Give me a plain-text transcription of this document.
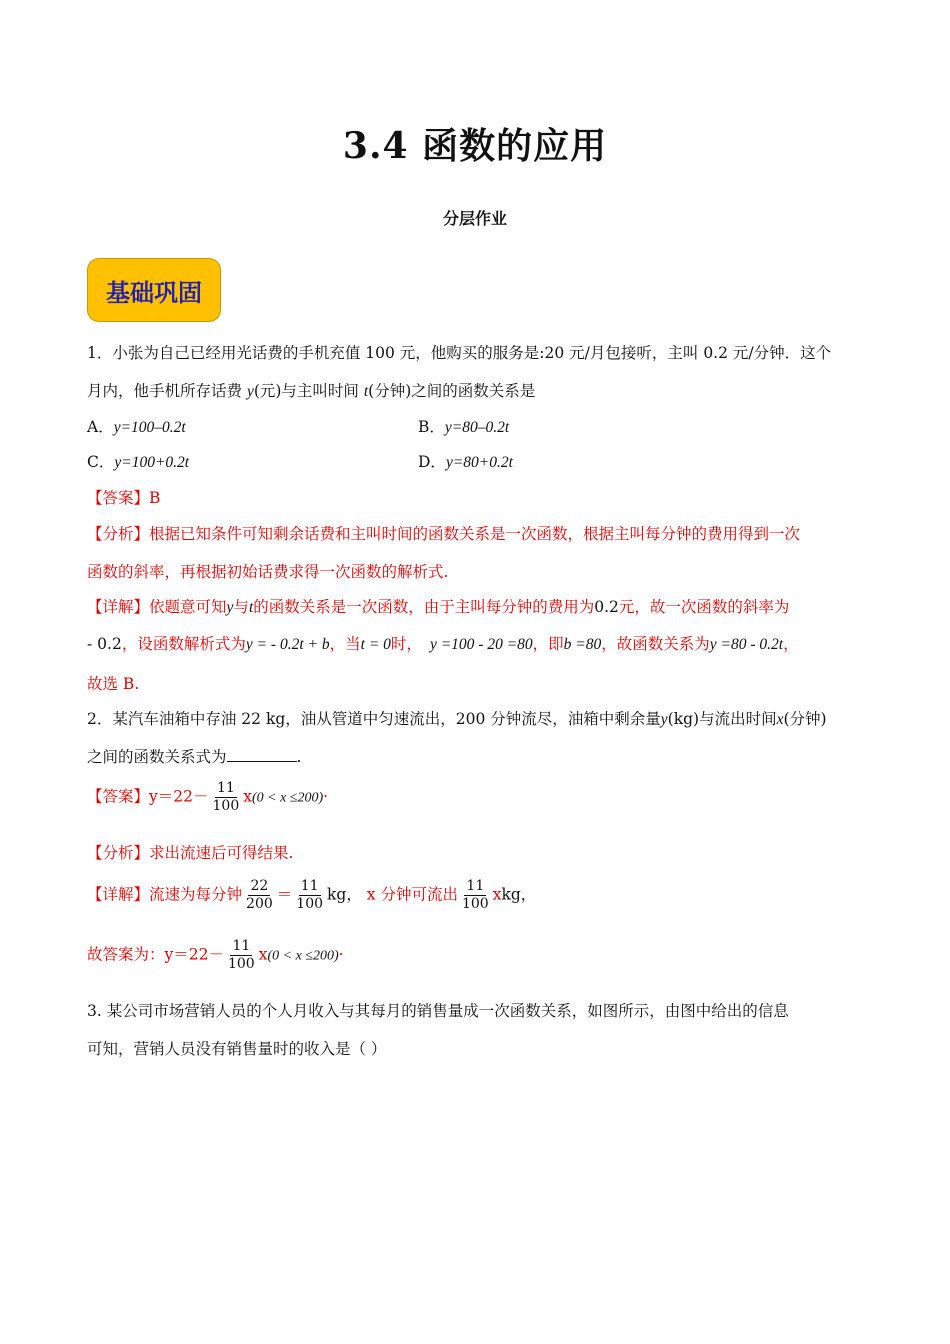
3.4 函数的应用
分层作业
基础巩固
1．小张为自己已经用光话费的手机充值 100 元，他购买的服务是:20 元/月包接听，主叫 0.2 元/分钟．这个
月内，他手机所存话费 y(元)与主叫时间 t(分钟)之间的函数关系是
A．y=100–0.2t	B．y=80–0.2t
C．y=100+0.2t	D．y=80+0.2t
【答案】B
【分析】根据已知条件可知剩余话费和主叫时间的函数关系是一次函数，根据主叫每分钟的费用得到一次
函数的斜率，再根据初始话费求得一次函数的解析式.
【详解】依题意可知y与t的函数关系是一次函数，由于主叫每分钟的费用为0.2元，故一次函数的斜率为
- 0.2，设函数解析式为y = - 0.2t + b，当t = 0时， y =100 - 20 =80，即b =80，故函数关系为y =80 - 0.2t，
故选 B.
2．某汽车油箱中存油 22 kg，油从管道中匀速流出，200 分钟流尽，油箱中剩余量y(kg)与流出时间x(分钟)
之间的函数关系式为	.
【答案】$y=22- \frac{11}{100} x(0 < x \le 200)\cdot$
【分析】求出流速后可得结果.
【详解】流速为每分钟 $\frac{22}{200} = \frac{11}{100}$ kg， x 分钟可流出 $\frac{11}{100}$ xkg，
故答案为：$y=22- \frac{11}{100} x(0 < x \le 200)\cdot$
3. 某公司市场营销人员的个人月收入与其每月的销售量成一次函数关系，如图所示，由图中给出的信息
可知，营销人员没有销售量时的收入是（ ）
